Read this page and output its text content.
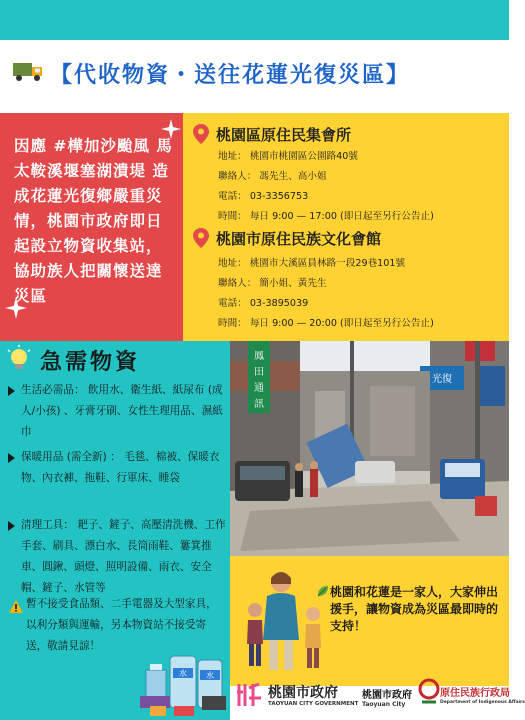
【代收物資・送往花蓮光復災區】
因應 #樺加沙颱風 馬太鞍溪堰塞湖潰堤 造成花蓮光復鄉嚴重災情，桃園市政府即日起設立物資收集站，協助族人把關懷送達災區
桃園區原住民集會所
地址： 桃園市桃園區公園路40號
聯絡人： 馮先生、高小姐
電話： 03-3356753
時間： 每日 9:00 — 17:00 (即日起至另行公告止)
桃園市原住民族文化會館
地址： 桃園市大溪區員林路一段29巷101號
聯絡人： 簡小姐、黃先生
電話： 03-3895039
時間： 每日 9:00 — 20:00 (即日起至另行公告止)
急需物資
生活必需品： 飲用水、衛生紙、紙尿布 (成人/小孩) 、牙膏牙刷、女性生理用品、濕紙巾
保暖用品 (需全新) ： 毛毯、棉被、保暖衣物、內衣褲、拖鞋、行軍床、睡袋
清理工具： 耙子、鏟子、高壓清洗機、工作手套、刷具、漂白水、長筒雨鞋、簍箕推車、圓鍬、頭燈、照明設備、雨衣、安全帽、鏟子、水管等
暫不接受食品類、二手電器及大型家具，以利分類與運輸，另本物資站不接受寄送，敬請見諒！
鳳
田
通
訊
光復
桃園和花蓮是一家人，大家伸出援手，讓物資成為災區最即時的支持！
水 水
桃園市政府
TAOYUAN CITY GOVERNMENT
桃園市政府
Taoyuan City
原住民族行政局
Department of Indigenous Affairs
